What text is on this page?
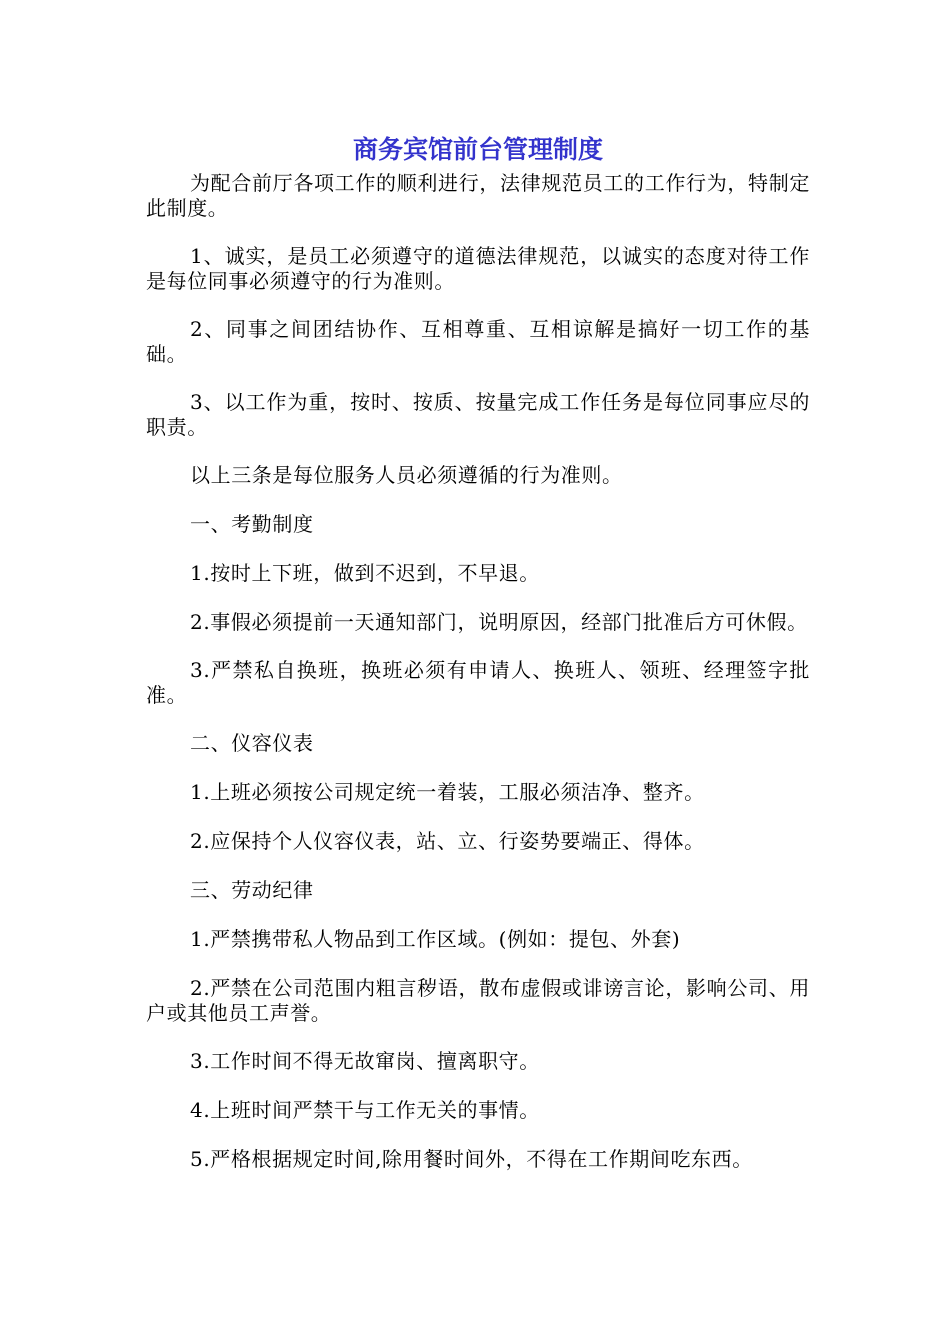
商务宾馆前台管理制度

为配合前厅各项工作的顺利进行，法律规范员工的工作行为，特制定此制度。

1、诚实，是员工必须遵守的道德法律规范，以诚实的态度对待工作是每位同事必须遵守的行为准则。

2、同事之间团结协作、互相尊重、互相谅解是搞好一切工作的基础。

3、以工作为重，按时、按质、按量完成工作任务是每位同事应尽的职责。

以上三条是每位服务人员必须遵循的行为准则。

一、考勤制度

1.按时上下班，做到不迟到，不早退。

2.事假必须提前一天通知部门，说明原因，经部门批准后方可休假。

3.严禁私自换班，换班必须有申请人、换班人、领班、经理签字批准。

二、仪容仪表

1.上班必须按公司规定统一着装，工服必须洁净、整齐。

2.应保持个人仪容仪表，站、立、行姿势要端正、得体。

三、劳动纪律

1.严禁携带私人物品到工作区域。(例如：提包、外套)

2.严禁在公司范围内粗言秽语，散布虚假或诽谤言论，影响公司、用户或其他员工声誉。

3.工作时间不得无故窜岗、擅离职守。

4.上班时间严禁干与工作无关的事情。

5.严格根据规定时间,除用餐时间外，不得在工作期间吃东西。
